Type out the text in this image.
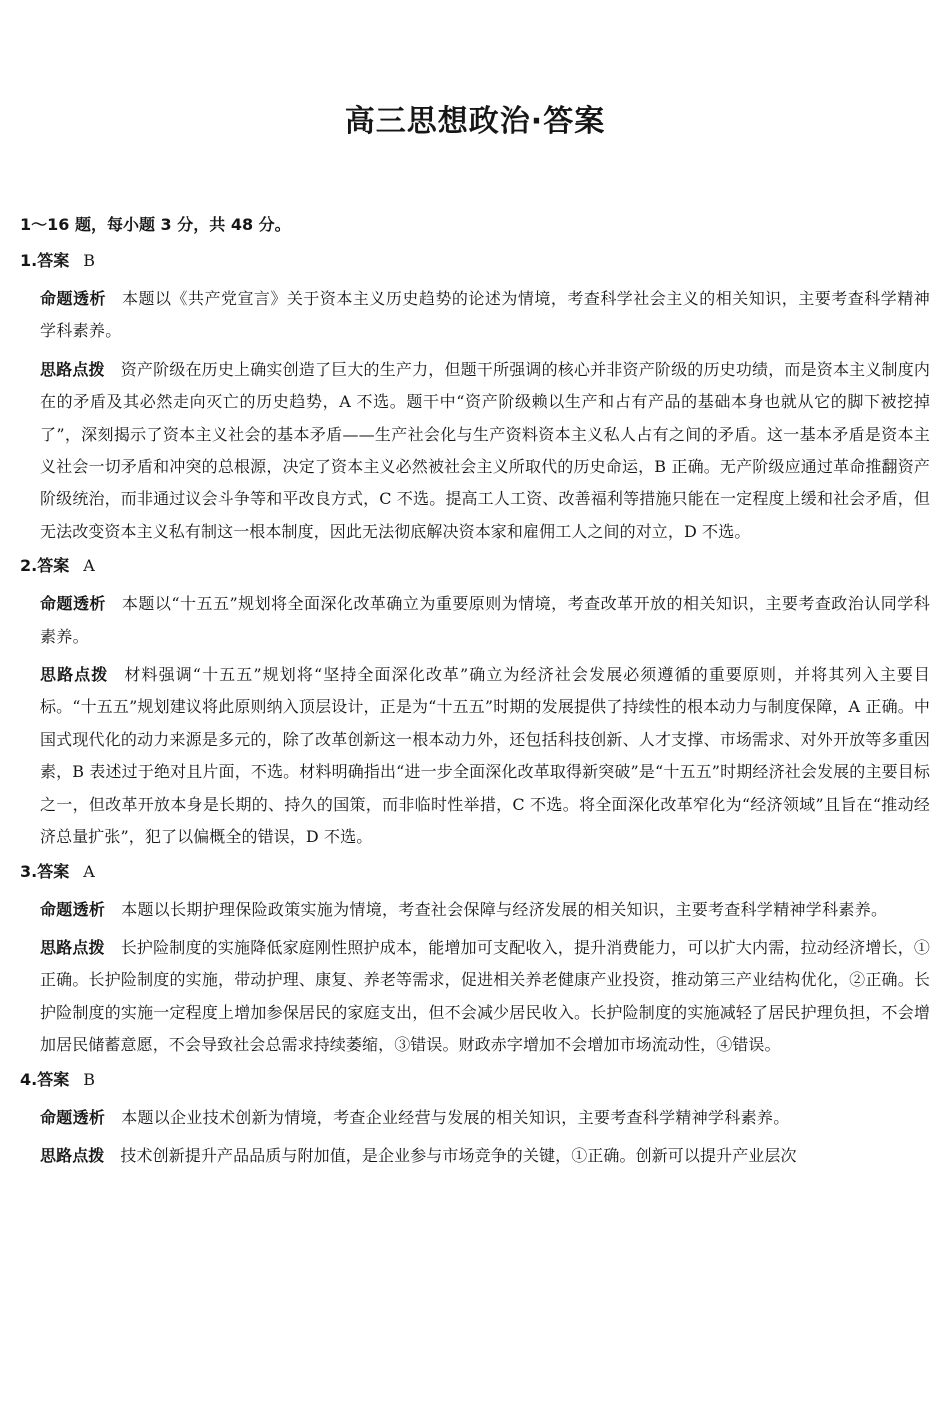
高三思想政治·答案
1～16 题，每小题 3 分，共 48 分。
1.答案 B

命题透析 本题以《共产党宣言》关于资本主义历史趋势的论述为情境，考查科学社会主义的相关知识，主要考查科学精神学科素养。

思路点拨 资产阶级在历史上确实创造了巨大的生产力，但题干所强调的核心并非资产阶级的历史功绩，而是资本主义制度内在的矛盾及其必然走向灭亡的历史趋势，A 不选。题干中“资产阶级赖以生产和占有产品的基础本身也就从它的脚下被挖掉了”，深刻揭示了资本主义社会的基本矛盾——生产社会化与生产资料资本主义私人占有之间的矛盾。这一基本矛盾是资本主义社会一切矛盾和冲突的总根源，决定了资本主义必然被社会主义所取代的历史命运，B 正确。无产阶级应通过革命推翻资产阶级统治，而非通过议会斗争等和平改良方式，C 不选。提高工人工资、改善福利等措施只能在一定程度上缓和社会矛盾，但无法改变资本主义私有制这一根本制度，因此无法彻底解决资本家和雇佣工人之间的对立，D 不选。

2.答案 A

命题透析 本题以“十五五”规划将全面深化改革确立为重要原则为情境，考查改革开放的相关知识，主要考查政治认同学科素养。

思路点拨 材料强调“十五五”规划将“坚持全面深化改革”确立为经济社会发展必须遵循的重要原则，并将其列入主要目标。“十五五”规划建议将此原则纳入顶层设计，正是为“十五五”时期的发展提供了持续性的根本动力与制度保障，A 正确。中国式现代化的动力来源是多元的，除了改革创新这一根本动力外，还包括科技创新、人才支撑、市场需求、对外开放等多重因素，B 表述过于绝对且片面，不选。材料明确指出“进一步全面深化改革取得新突破”是“十五五”时期经济社会发展的主要目标之一，但改革开放本身是长期的、持久的国策，而非临时性举措，C 不选。将全面深化改革窄化为“经济领域”且旨在“推动经济总量扩张”，犯了以偏概全的错误，D 不选。

3.答案 A

命题透析 本题以长期护理保险政策实施为情境，考查社会保障与经济发展的相关知识，主要考查科学精神学科素养。

思路点拨 长护险制度的实施降低家庭刚性照护成本，能增加可支配收入，提升消费能力，可以扩大内需，拉动经济增长，①正确。长护险制度的实施，带动护理、康复、养老等需求，促进相关养老健康产业投资，推动第三产业结构优化，②正确。长护险制度的实施一定程度上增加参保居民的家庭支出，但不会减少居民收入。长护险制度的实施减轻了居民护理负担，不会增加居民储蓄意愿，不会导致社会总需求持续萎缩，③错误。财政赤字增加不会增加市场流动性，④错误。

4.答案 B

命题透析 本题以企业技术创新为情境，考查企业经营与发展的相关知识，主要考查科学精神学科素养。

思路点拨 技术创新提升产品品质与附加值，是企业参与市场竞争的关键，①正确。创新可以提升产业层次
